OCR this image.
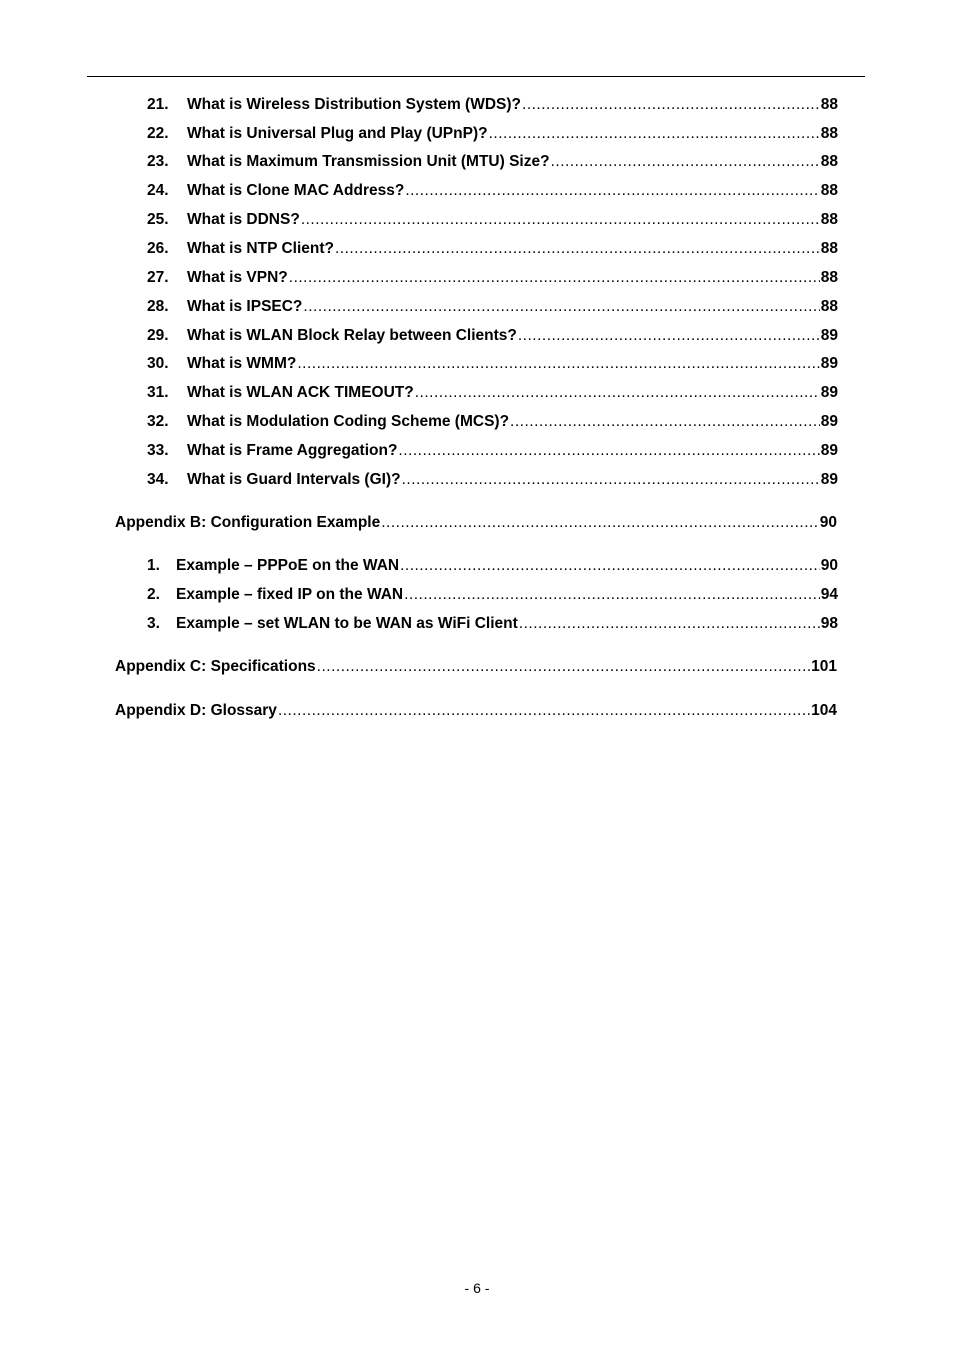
21.	What is Wireless Distribution System (WDS)? .....	88
22.	What is Universal Plug and Play (UPnP)? .....	88
23.	What is Maximum Transmission Unit (MTU) Size? .....	88
24.	What is Clone MAC Address? .....	88
25.	What is DDNS? .....	88
26.	What is NTP Client? .....	88
27.	What is VPN? .....	88
28.	What is IPSEC? .....	88
29.	What is WLAN Block Relay between Clients? .....	89
30.	What is WMM? .....	89
31.	What is WLAN ACK TIMEOUT? .....	89
32.	What is Modulation Coding Scheme (MCS)? .....	89
33.	What is Frame Aggregation? .....	89
34.	What is Guard Intervals (GI)? .....	89
Appendix B: Configuration Example .....	90
1.	Example – PPPoE on the WAN .....	90
2.	Example – fixed IP on the WAN .....	94
3.	Example – set WLAN to be WAN as WiFi Client .....	98
Appendix C: Specifications .....	101
Appendix D: Glossary .....	104
- 6 -
